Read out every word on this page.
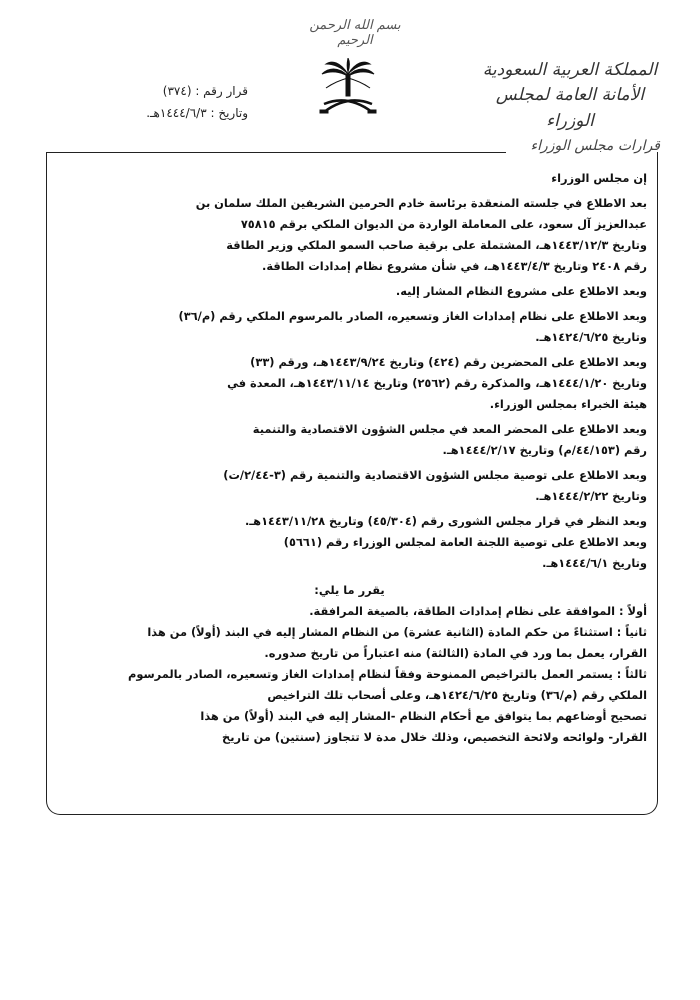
بسم الله الرحمن الرحيم
قرار رقم : (٣٧٤)
وتاريخ : ١٤٤٤/٦/٣هـ.
المملكة العربية السعودية
الأمانة العامة لمجلس الوزراء
قرارات مجلس الوزراء

إن مجلس الوزراء

بعد الاطلاع في جلسته المنعقدة برئاسة خادم الحرمين الشريفين الملك سلمان بن

عبدالعزيز آل سعود، على المعاملة الواردة من الديوان الملكي برقم ٧٥٨١٥

وتاريخ ١٤٤٣/١٢/٣هـ، المشتملة على برقية صاحب السمو الملكي وزير الطاقة

رقم ٢٤٠٨ وتاريخ ١٤٤٣/٤/٣هـ، في شأن مشروع نظام إمدادات الطاقة.

وبعد الاطلاع على مشروع النظام المشار إليه.

وبعد الاطلاع على نظام إمدادات الغاز وتسعيره، الصادر بالمرسوم الملكي رقم (م/٣٦)

وتاريخ ١٤٢٤/٦/٢٥هـ.

وبعد الاطلاع على المحضرين رقم (٤٢٤) وتاريخ ١٤٤٣/٩/٢٤هـ، ورقم (٣٣)

وتاريخ ١٤٤٤/١/٢٠هـ، والمذكرة رقم (٢٥٦٢) وتاريخ ١٤٤٣/١١/١٤هـ، المعدة في

هيئة الخبراء بمجلس الوزراء.

وبعد الاطلاع على المحضر المعد في مجلس الشؤون الاقتصادية والتنمية

رقم (٤٤/١٥٣/م) وتاريخ ١٤٤٤/٢/١٧هـ.

وبعد الاطلاع على توصية مجلس الشؤون الاقتصادية والتنمية رقم (٣-٢/٤٤/ت)

وتاريخ ١٤٤٤/٢/٢٢هـ.

وبعد النظر في قرار مجلس الشورى رقم (٤٥/٣٠٤) وتاريخ ١٤٤٣/١١/٢٨هـ.

وبعد الاطلاع على توصية اللجنة العامة لمجلس الوزراء رقم (٥٦٦١)

وتاريخ ١٤٤٤/٦/١هـ.

يقرر ما يلي:

أولاً : الموافقة على نظام إمدادات الطاقة، بالصيغة المرافقة.

ثانياً : استثناءً من حكم المادة (الثانية عشرة) من النظام المشار إليه في البند (أولاً) من هذا

القرار، يعمل بما ورد في المادة (الثالثة) منه اعتباراً من تاريخ صدوره.

ثالثاً : يستمر العمل بالتراخيص الممنوحة وفقاً لنظام إمدادات الغاز وتسعيره، الصادر بالمرسوم

الملكي رقم (م/٣٦) وتاريخ ١٤٢٤/٦/٢٥هـ، وعلى أصحاب تلك التراخيص

تصحيح أوضاعهم بما يتوافق مع أحكام النظام -المشار إليه في البند (أولاً) من هذا

القرار- ولوائحه ولائحة التخصيص، وذلك خلال مدة لا تتجاوز (سنتين) من تاريخ
